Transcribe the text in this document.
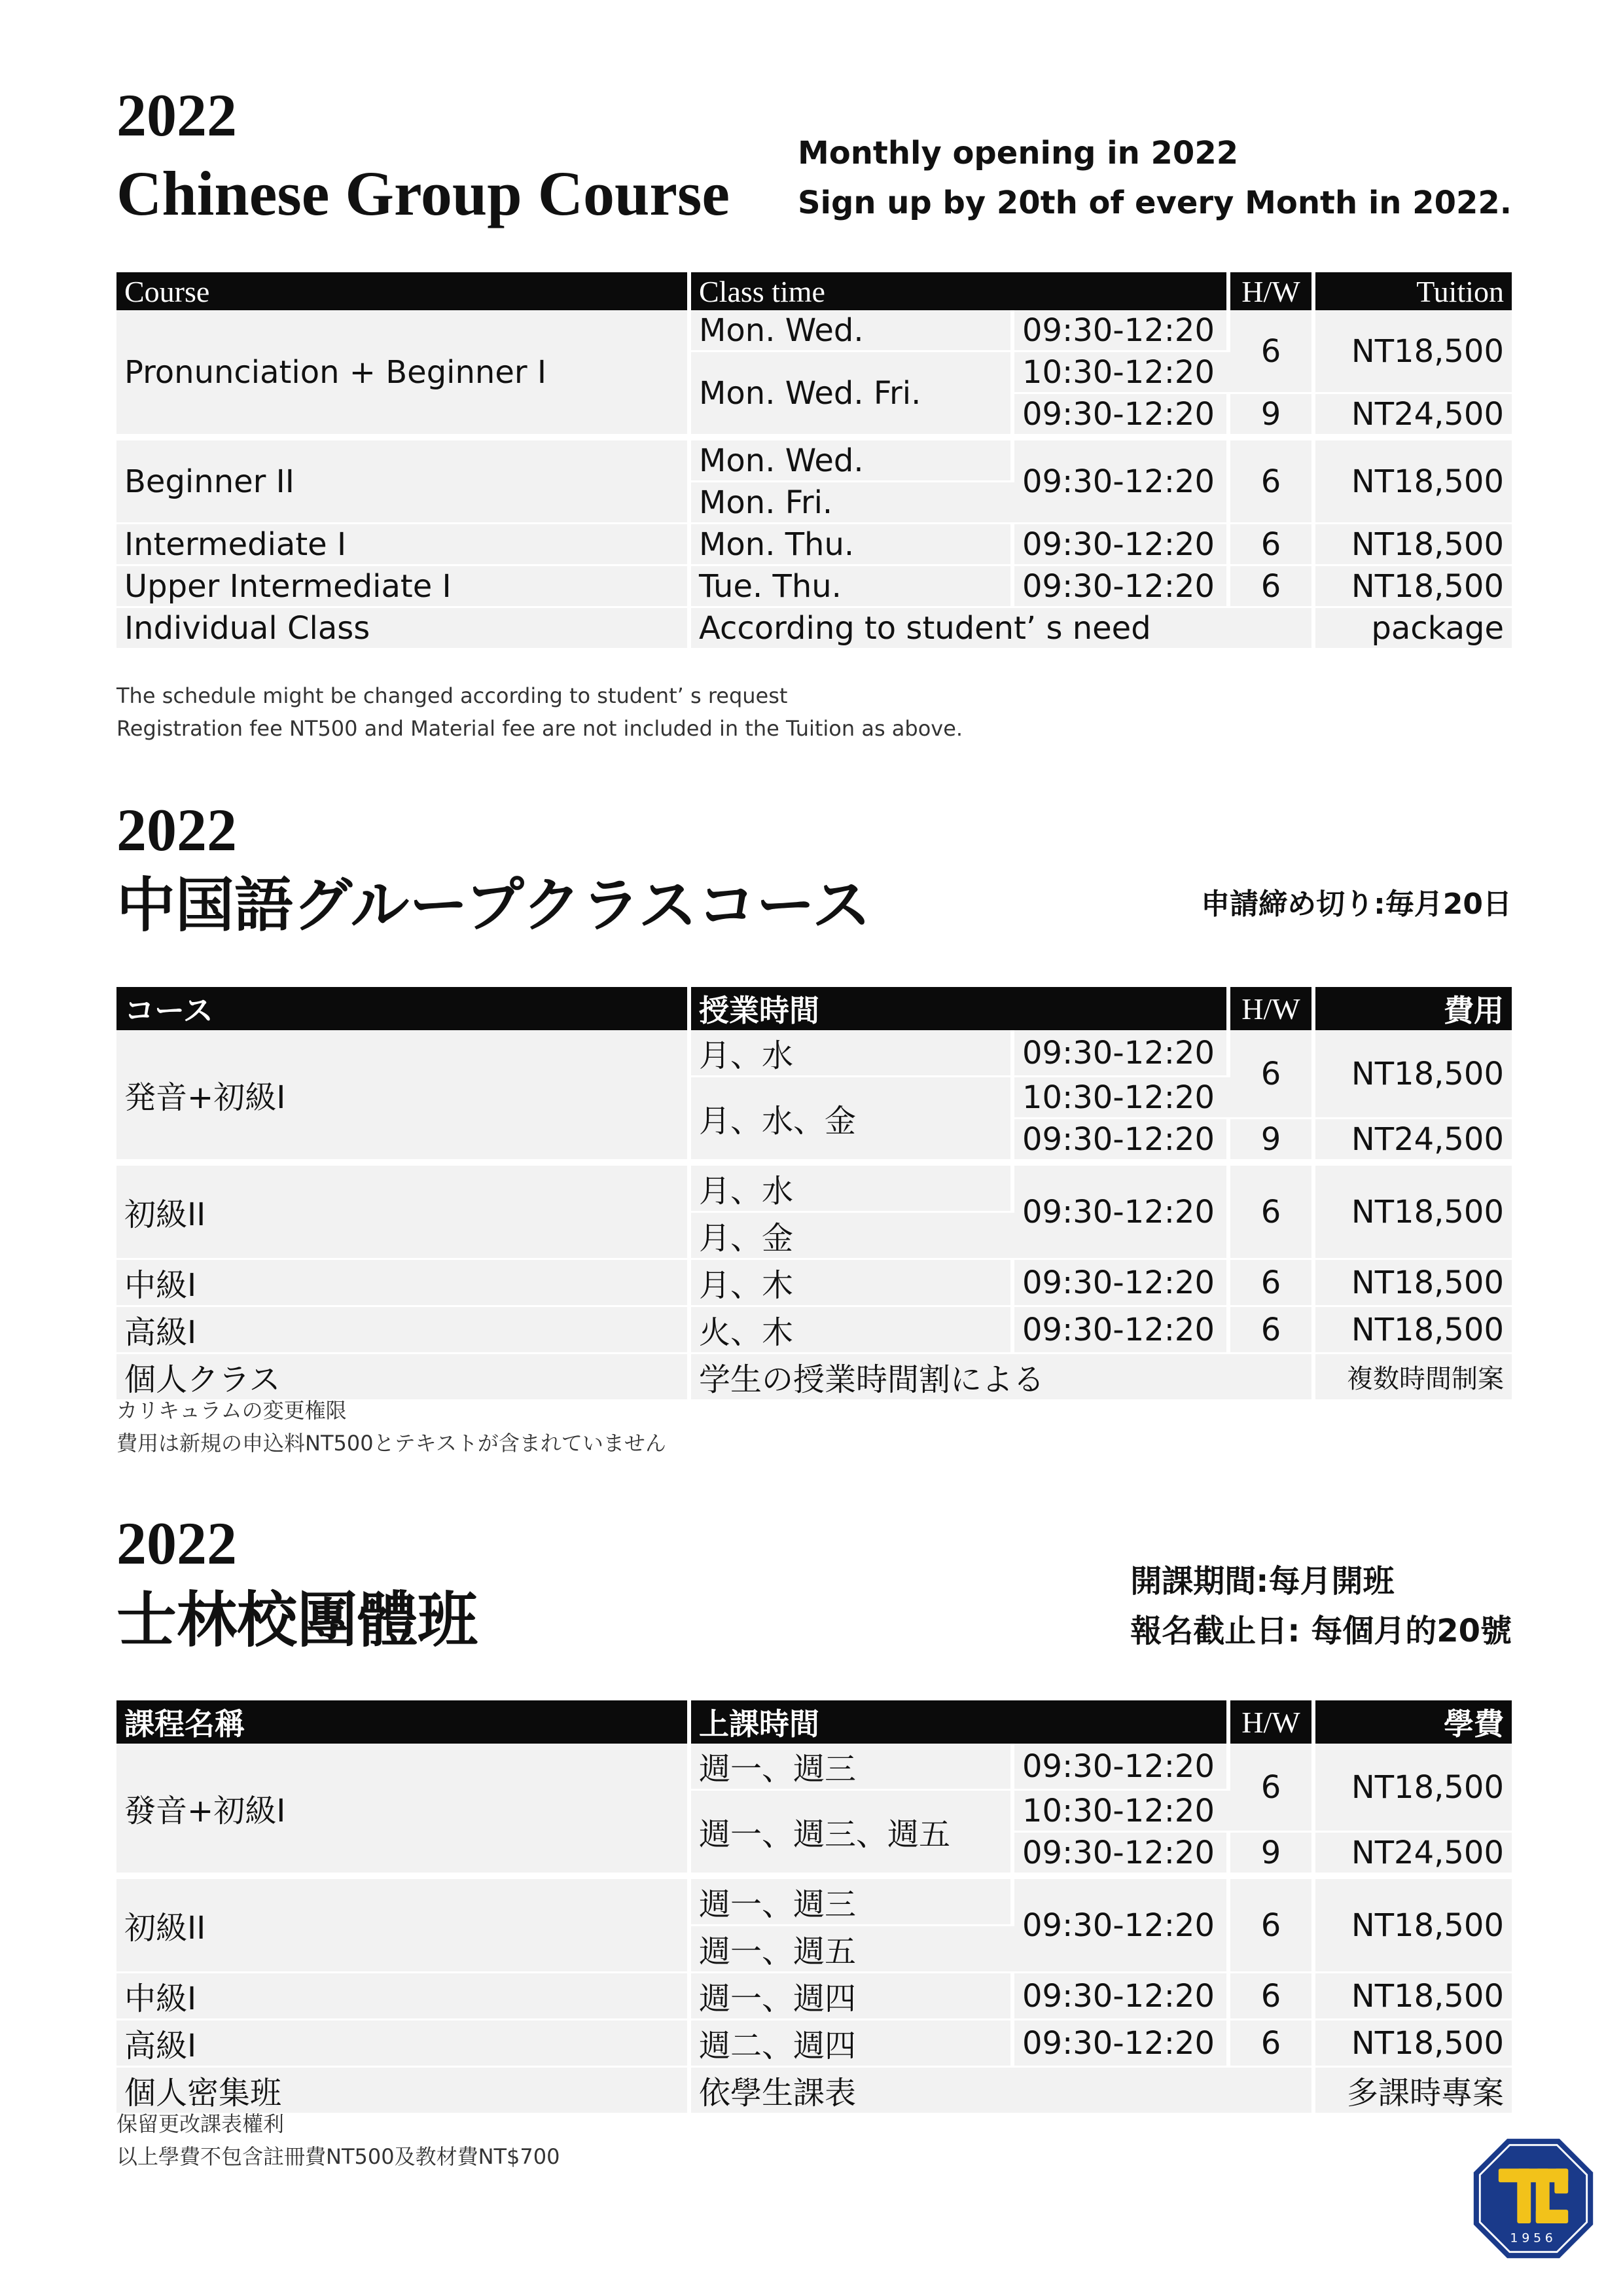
2022
Chinese Group Course
Monthly opening in 2022
Sign up by 20th of every Month in 2022.
Course	Class time		H/W	Tuition
Pronunciation + Beginner I	Mon. Wed.	09:30-12:20	6	NT18,500
	Mon. Wed. Fri.	10:30-12:20		
		09:30-12:20	9	NT24,500
Beginner II	Mon. Wed.	09:30-12:20	6	NT18,500
	Mon. Fri.			
Intermediate I	Mon. Thu.	09:30-12:20	6	NT18,500
Upper Intermediate I	Tue. Thu.	09:30-12:20	6	NT18,500
Individual Class	According to student’ s need			package
The schedule might be changed according to student’ s request
Registration fee NT500 and Material fee are not included in the Tuition as above.
2022
中国語グループクラスコース	申請締め切り:毎月20日
コース	授業時間		H/W	費用
発音+初級I	月、水	09:30-12:20	6	NT18,500
	月、水、金	10:30-12:20		
		09:30-12:20	9	NT24,500
初級II	月、水	09:30-12:20	6	NT18,500
	月、金			
中級I	月、木	09:30-12:20	6	NT18,500
高級I	火、木	09:30-12:20	6	NT18,500
個人クラス	学生の授業時間割による			複数時間制案
カリキュラムの変更権限
費用は新規の申込料NT500とテキストが含まれていません
2022
士林校團體班
開課期間:每月開班
報名截止日: 每個月的20號
課程名稱	上課時間		H/W	學費
發音+初級I	週一、週三	09:30-12:20	6	NT18,500
	週一、週三、週五	10:30-12:20		
		09:30-12:20	9	NT24,500
初級II	週一、週三	09:30-12:20	6	NT18,500
	週一、週五			
中級I	週一、週四	09:30-12:20	6	NT18,500
高級I	週二、週四	09:30-12:20	6	NT18,500
個人密集班	依學生課表			多課時專案
保留更改課表權利
以上學費不包含註冊費NT500及教材費NT$700
1956
